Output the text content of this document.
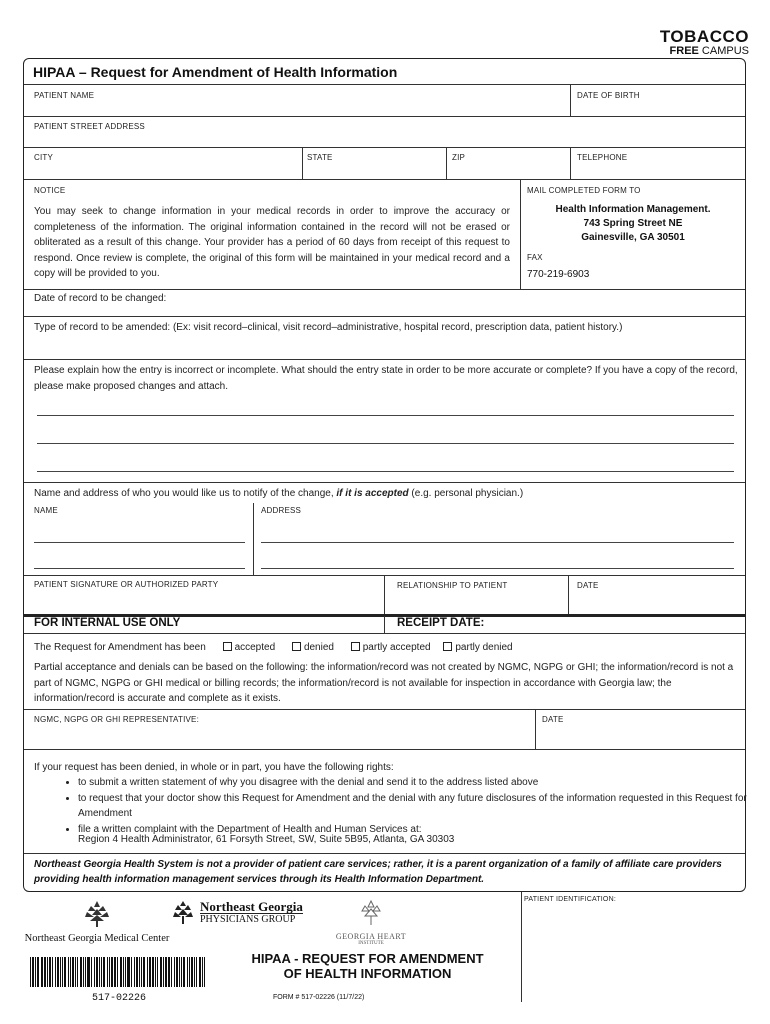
TOBACCO
FREE CAMPUS
HIPAA – Request for Amendment of Health Information
PATIENT NAME	DATE OF BIRTH
PATIENT STREET ADDRESS
CITY	STATE	ZIP	TELEPHONE
NOTICE
You may seek to change information in your medical records in order to improve the accuracy or completeness of the information. The original information contained in the record will not be erased or obliterated as a result of this change. Your provider has a period of 60 days from receipt of this request to respond. Once review is complete, the original of this form will be maintained in your medical record and a copy will be provided to you.
MAIL COMPLETED FORM TO
Health Information Management.
743 Spring Street NE
Gainesville, GA 30501
FAX
770-219-6903
Date of record to be changed:
Type of record to be amended: (Ex: visit record–clinical, visit record–administrative, hospital record, prescription data, patient history.)
Please explain how the entry is incorrect or incomplete. What should the entry state in order to be more accurate or complete? If you have a copy of the record, please make proposed changes and attach.
Name and address of who you would like us to notify of the change, if it is accepted (e.g. personal physician.)
NAME	ADDRESS
PATIENT SIGNATURE OR AUTHORIZED PARTY	RELATIONSHIP TO PATIENT	DATE
FOR INTERNAL USE ONLY	RECEIPT DATE:
The Request for Amendment has been	accepted	denied	partly accepted partly denied
Partial acceptance and denials can be based on the following: the information/record was not created by NGMC, NGPG or GHI; the information/record is not a part of NGMC, NGPG or GHI medical or billing records; the information/record is not available for inspection in accordance with Georgia law; the information/record is accurate and complete as it exists.
NGMC, NGPG OR GHI REPRESENTATIVE:	DATE
If your request has been denied, in whole or in part, you have the following rights:
• to submit a written statement of why you disagree with the denial and send it to the address listed above
• to request that your doctor show this Request for Amendment and the denial with any future disclosures of the information requested in this Request for Amendment
• file a written complaint with the Department of Health and Human Services at:
Region 4 Health Administrator, 61 Forsyth Street, SW, Suite 5B95, Atlanta, GA 30303
Northeast Georgia Health System is not a provider of patient care services; rather, it is a parent organization of a family of affiliate care providers providing health information management services through its Health Information Department.
Northeast Georgia Medical Center
Northeast Georgia
PHYSICIANS GROUP
GEORGIA HEART
INSTITUTE
517-02226
HIPAA - REQUEST FOR AMENDMENT
OF HEALTH INFORMATION
FORM # 517-02226 (11/7/22)
PATIENT IDENTIFICATION:
